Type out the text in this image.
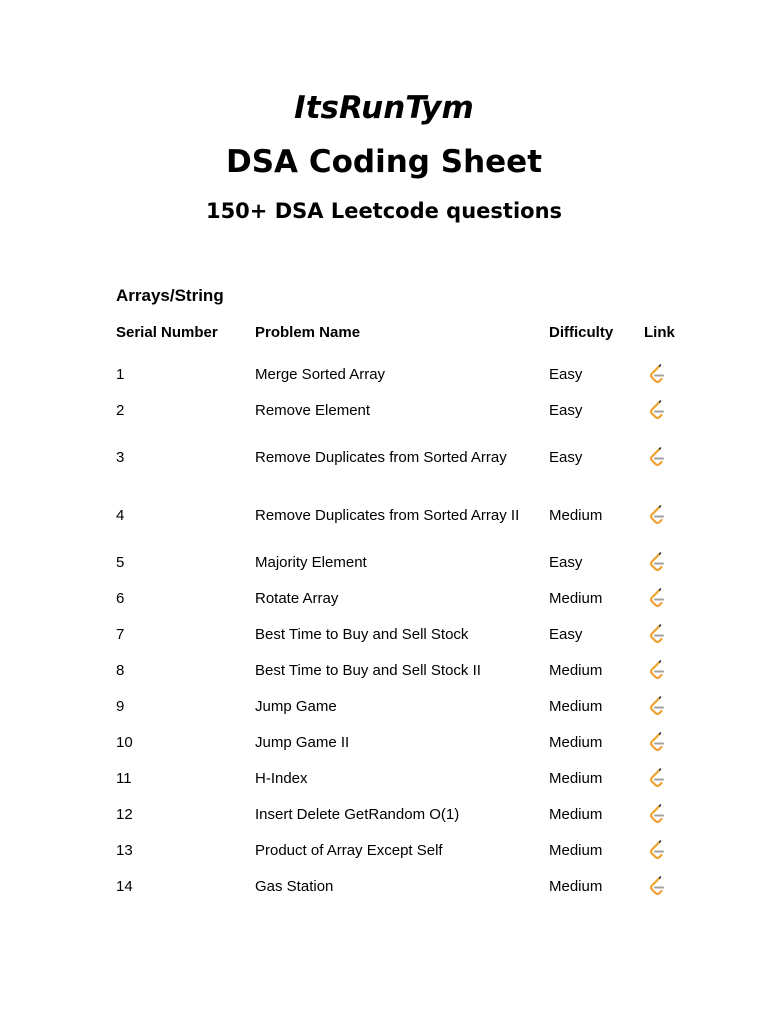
ItsRunTym
DSA Coding Sheet
150+ DSA Leetcode questions
Arrays/String
Serial Number	Problem Name	Difficulty	Link
1	Merge Sorted Array	Easy
2	Remove Element	Easy
3	Remove Duplicates from Sorted Array	Easy
4	Remove Duplicates from Sorted Array II	Medium
5	Majority Element	Easy
6	Rotate Array	Medium
7	Best Time to Buy and Sell Stock	Easy
8	Best Time to Buy and Sell Stock II	Medium
9	Jump Game	Medium
10	Jump Game II	Medium
11	H-Index	Medium
12	Insert Delete GetRandom O(1)	Medium
13	Product of Array Except Self	Medium
14	Gas Station	Medium
